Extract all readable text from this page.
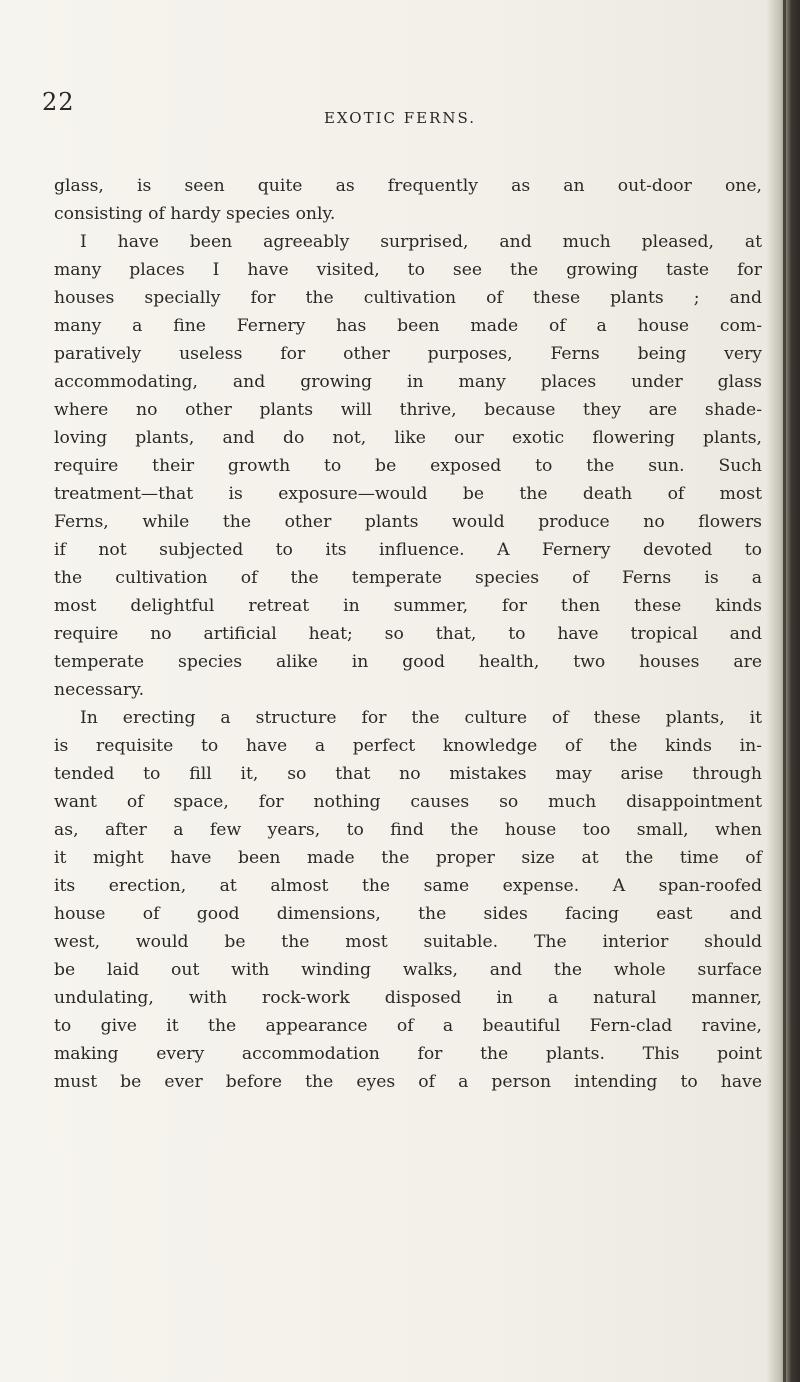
22
EXOTIC FERNS.
glass, is seen quite as frequently as an out-door one,
consisting of hardy species only.
I have been agreeably surprised, and much pleased, at
many places I have visited, to see the growing taste for
houses specially for the cultivation of these plants ; and
many a fine Fernery has been made of a house com-
paratively useless for other purposes, Ferns being very
accommodating, and growing in many places under glass
where no other plants will thrive, because they are shade-
loving plants, and do not, like our exotic flowering plants,
require their growth to be exposed to the sun. Such
treatment—that is exposure—would be the death of most
Ferns, while the other plants would produce no flowers
if not subjected to its influence. A Fernery devoted to
the cultivation of the temperate species of Ferns is a
most delightful retreat in summer, for then these kinds
require no artificial heat; so that, to have tropical and
temperate species alike in good health, two houses are
necessary.
In erecting a structure for the culture of these plants, it
is requisite to have a perfect knowledge of the kinds in-
tended to fill it, so that no mistakes may arise through
want of space, for nothing causes so much disappointment
as, after a few years, to find the house too small, when
it might have been made the proper size at the time of
its erection, at almost the same expense. A span-roofed
house of good dimensions, the sides facing east and
west, would be the most suitable. The interior should
be laid out with winding walks, and the whole surface
undulating, with rock-work disposed in a natural manner,
to give it the appearance of a beautiful Fern-clad ravine,
making every accommodation for the plants. This point
must be ever before the eyes of a person intending to have
